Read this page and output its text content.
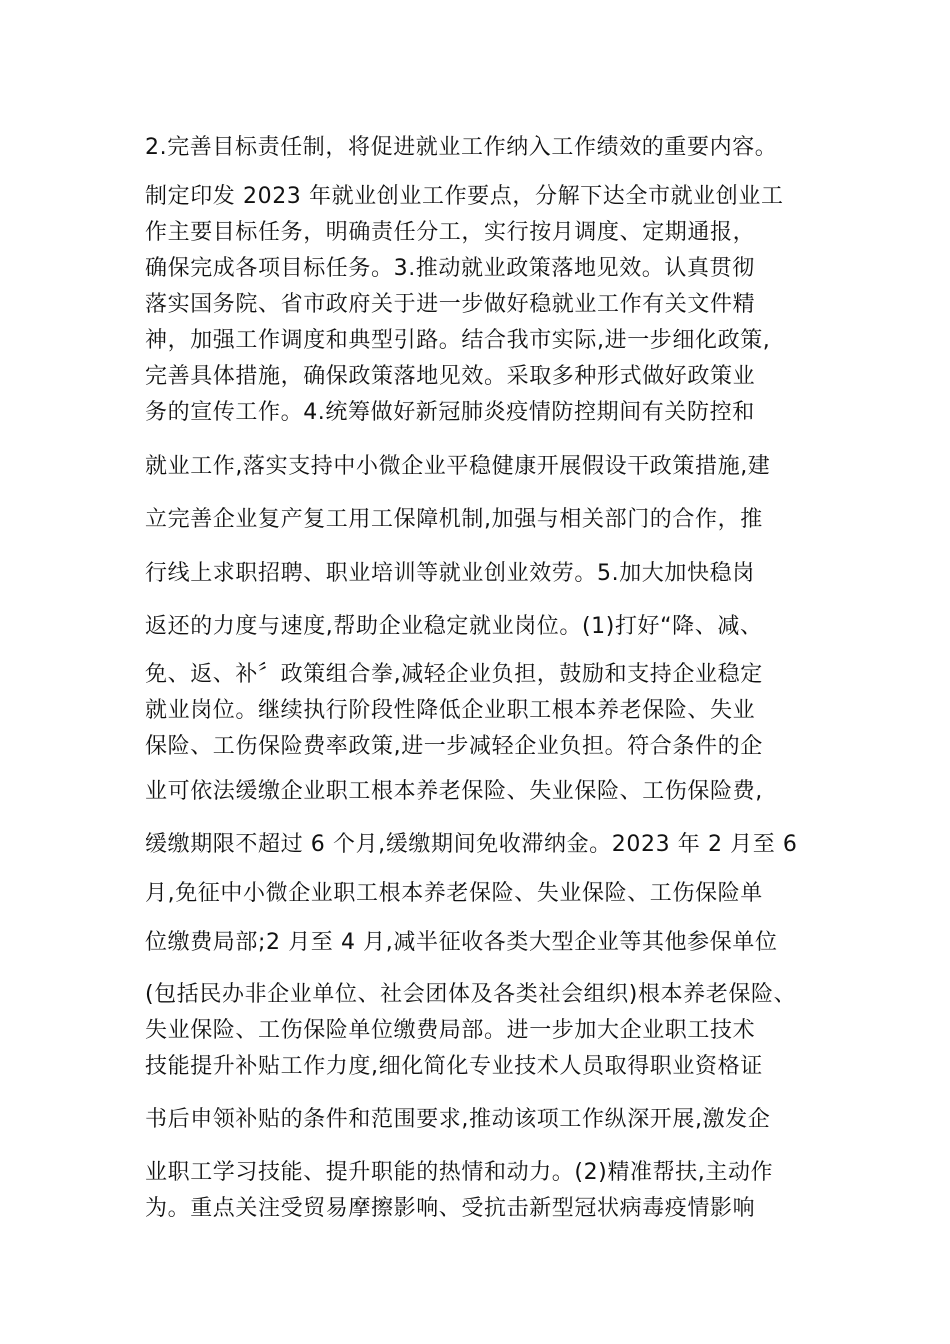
2.完善目标责任制，将促进就业工作纳入工作绩效的重要内容。
制定印发 2023 年就业创业工作要点，分解下达全市就业创业工
作主要目标任务，明确责任分工，实行按月调度、定期通报，
确保完成各项目标任务。3.推动就业政策落地见效。认真贯彻
落实国务院、省市政府关于进一步做好稳就业工作有关文件精
神，加强工作调度和典型引路。结合我市实际,进一步细化政策,
完善具体措施，确保政策落地见效。采取多种形式做好政策业
务的宣传工作。4.统筹做好新冠肺炎疫情防控期间有关防控和
就业工作,落实支持中小微企业平稳健康开展假设干政策措施,建
立完善企业复产复工用工保障机制,加强与相关部门的合作，推
行线上求职招聘、职业培训等就业创业效劳。5.加大加快稳岗
返还的力度与速度,帮助企业稳定就业岗位。(1)打好“降、减、
免、返、补〞政策组合拳,减轻企业负担，鼓励和支持企业稳定
就业岗位。继续执行阶段性降低企业职工根本养老保险、失业
保险、工伤保险费率政策,进一步减轻企业负担。符合条件的企
业可依法缓缴企业职工根本养老保险、失业保险、工伤保险费,
缓缴期限不超过 6 个月,缓缴期间免收滞纳金。2023 年 2 月至 6
月,免征中小微企业职工根本养老保险、失业保险、工伤保险单
位缴费局部;2 月至 4 月,减半征收各类大型企业等其他参保单位
(包括民办非企业单位、社会团体及各类社会组织)根本养老保险、
失业保险、工伤保险单位缴费局部。进一步加大企业职工技术
技能提升补贴工作力度,细化简化专业技术人员取得职业资格证
书后申领补贴的条件和范围要求,推动该项工作纵深开展,激发企
业职工学习技能、提升职能的热情和动力。(2)精准帮扶,主动作
为。重点关注受贸易摩擦影响、受抗击新型冠状病毒疫情影响
